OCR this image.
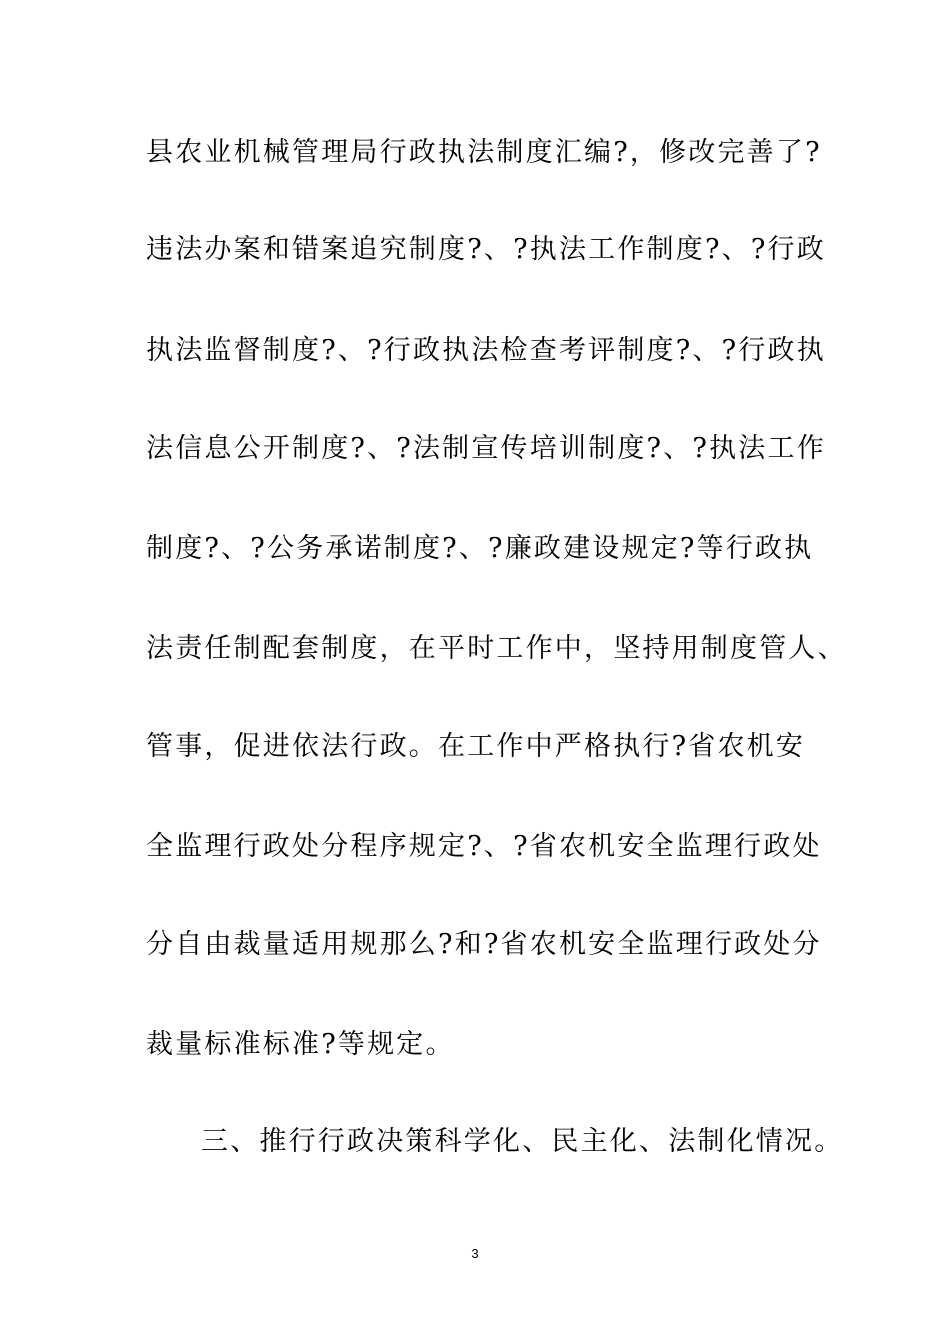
县农业机械管理局行政执法制度汇编?，修改完善了?
违法办案和错案追究制度?、?执法工作制度?、?行政
执法监督制度?、?行政执法检查考评制度?、?行政执
法信息公开制度?、?法制宣传培训制度?、?执法工作
制度?、?公务承诺制度?、?廉政建设规定?等行政执
法责任制配套制度，在平时工作中，坚持用制度管人、
管事，促进依法行政。在工作中严格执行?省农机安
全监理行政处分程序规定?、?省农机安全监理行政处
分自由裁量适用规那么?和?省农机安全监理行政处分
裁量标准标准?等规定。
三、推行行政决策科学化、民主化、法制化情况。
3
